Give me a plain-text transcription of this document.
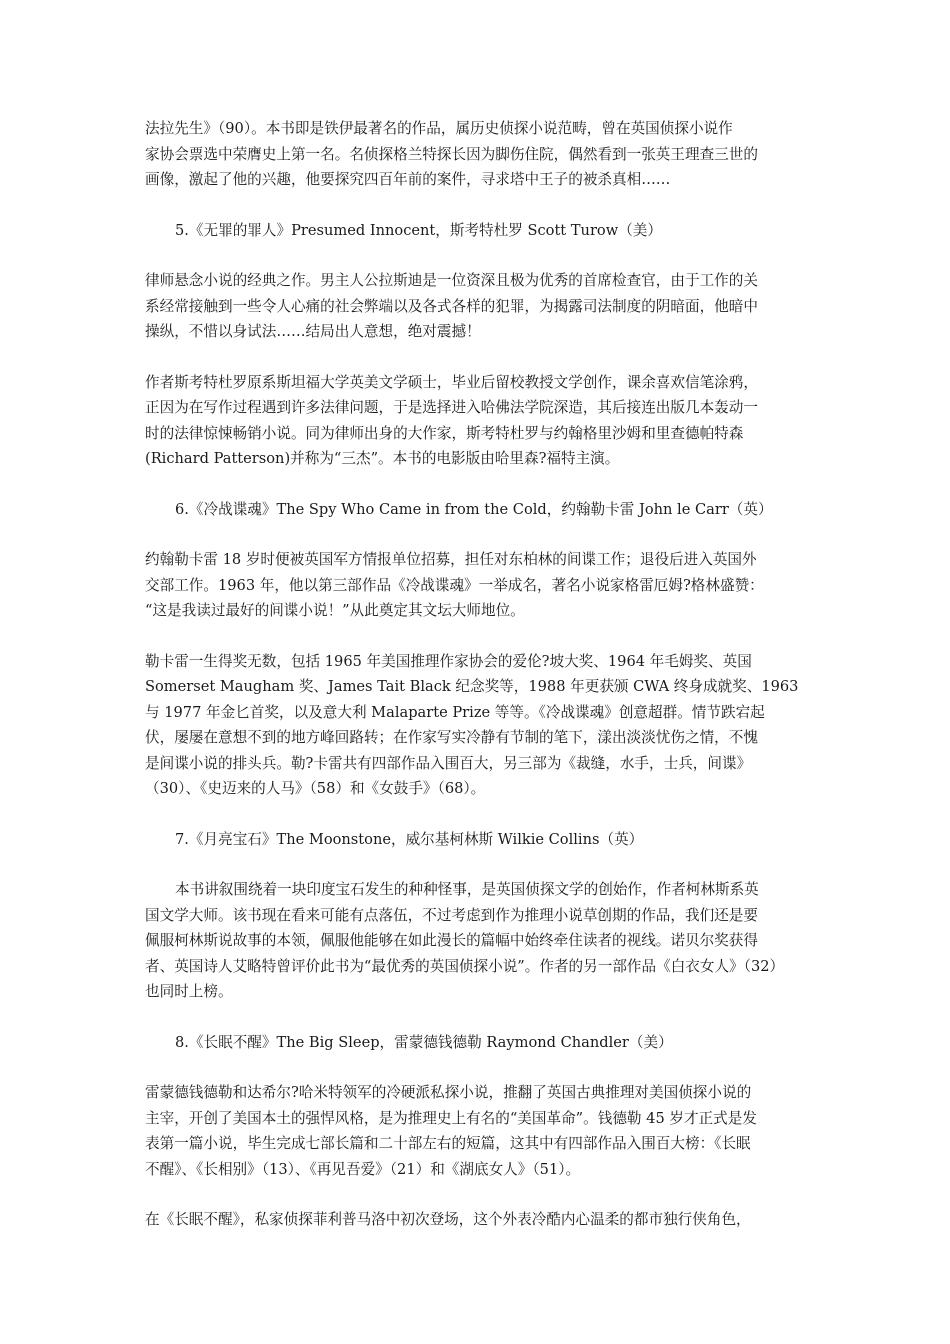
法拉先生》（90）。本书即是铁伊最著名的作品，属历史侦探小说范畴，曾在英国侦探小说作
家协会票选中荣膺史上第一名。名侦探格兰特探长因为脚伤住院，偶然看到一张英王理查三世的
画像，激起了他的兴趣，他要探究四百年前的案件，寻求塔中王子的被杀真相……
5.《无罪的罪人》Presumed Innocent，斯考特杜罗 Scott Turow（美）
律师悬念小说的经典之作。男主人公拉斯迪是一位资深且极为优秀的首席检查官，由于工作的关
系经常接触到一些令人心痛的社会弊端以及各式各样的犯罪，为揭露司法制度的阴暗面，他暗中
操纵，不惜以身试法……结局出人意想，绝对震撼！
作者斯考特杜罗原系斯坦福大学英美文学硕士，毕业后留校教授文学创作，课余喜欢信笔涂鸦，
正因为在写作过程遇到许多法律问题，于是选择进入哈佛法学院深造，其后接连出版几本轰动一
时的法律惊悚畅销小说。同为律师出身的大作家，斯考特杜罗与约翰格里沙姆和里查德帕特森
(Richard Patterson)并称为“三杰”。本书的电影版由哈里森?福特主演。
6.《冷战谍魂》The Spy Who Came in from the Cold，约翰勒卡雷 John le Carr（英）
约翰勒卡雷 18 岁时便被英国军方情报单位招募，担任对东柏林的间谍工作；退役后进入英国外
交部工作。1963 年，他以第三部作品《冷战谍魂》一举成名，著名小说家格雷厄姆?格林盛赞：
“这是我读过最好的间谍小说！”从此奠定其文坛大师地位。
勒卡雷一生得奖无数，包括 1965 年美国推理作家协会的爱伦?坡大奖、1964 年毛姆奖、英国
Somerset Maugham 奖、James Tait Black 纪念奖等，1988 年更获颁 CWA 终身成就奖、1963
与 1977 年金匕首奖，以及意大利 Malaparte Prize 等等。《冷战谍魂》创意超群。情节跌宕起
伏，屡屡在意想不到的地方峰回路转；在作家写实冷静有节制的笔下，漾出淡淡忧伤之情，不愧
是间谍小说的排头兵。勒?卡雷共有四部作品入围百大，另三部为《裁缝，水手，士兵，间谍》
（30）、《史迈来的人马》（58）和《女鼓手》（68）。
7.《月亮宝石》The Moonstone，威尔基柯林斯 Wilkie Collins（英）
本书讲叙围绕着一块印度宝石发生的种种怪事，是英国侦探文学的创始作，作者柯林斯系英
国文学大师。该书现在看来可能有点落伍，不过考虑到作为推理小说草创期的作品，我们还是要
佩服柯林斯说故事的本领，佩服他能够在如此漫长的篇幅中始终牵住读者的视线。诺贝尔奖获得
者、英国诗人艾略特曾评价此书为“最优秀的英国侦探小说”。作者的另一部作品《白衣女人》（32）
也同时上榜。
8.《长眠不醒》The Big Sleep，雷蒙德钱德勒 Raymond Chandler（美）
雷蒙德钱德勒和达希尔?哈米特领军的冷硬派私探小说，推翻了英国古典推理对美国侦探小说的
主宰，开创了美国本土的强悍风格，是为推理史上有名的“美国革命”。钱德勒 45 岁才正式是发
表第一篇小说，毕生完成七部长篇和二十部左右的短篇，这其中有四部作品入围百大榜：《长眠
不醒》、《长相别》（13）、《再见吾爱》（21）和《湖底女人》（51）。
在《长眠不醒》，私家侦探菲利普马洛中初次登场，这个外表冷酷内心温柔的都市独行侠角色，
